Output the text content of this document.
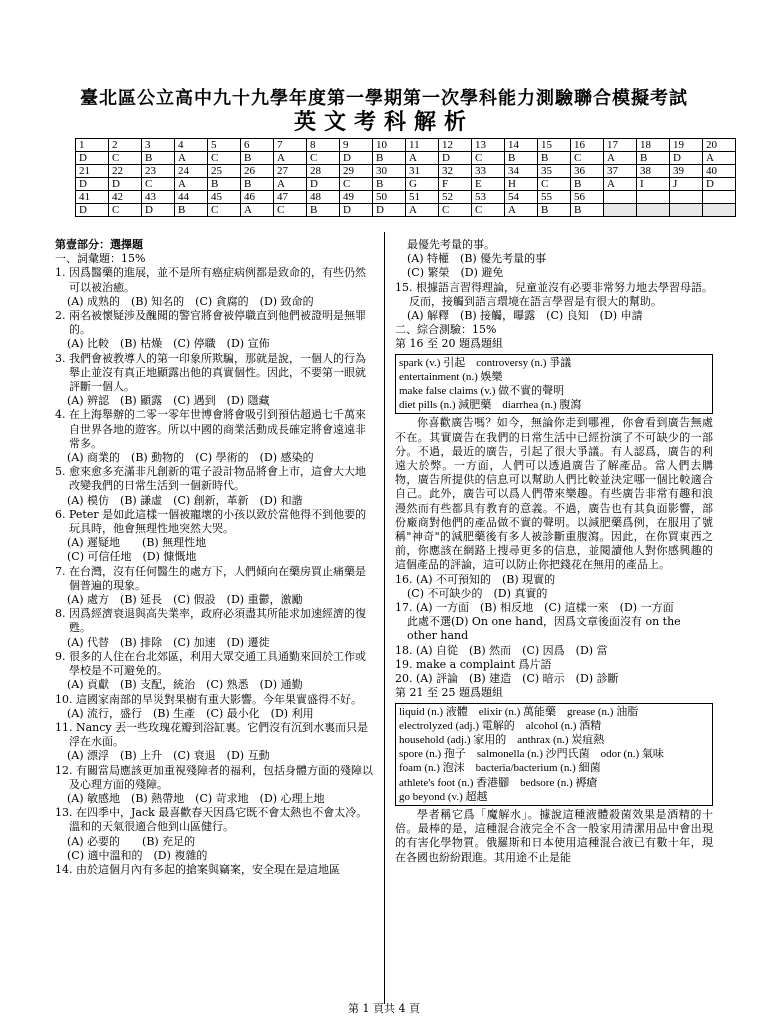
臺北區公立高中九十九學年度第一學期第一次學科能力測驗聯合模擬考試
英文考科解析
1	2	3	4	5	6	7	8	9	10	11	12	13	14	15	16	17	18	19	20
D	C	B	A	C	B	A	C	D	B	A	D	C	B	B	C	A	B	D	A
21	22	23	24	25	26	27	28	29	30	31	32	33	34	35	36	37	38	39	40
D	D	C	A	B	B	A	D	C	B	G	F	E	H	C	B	A	I	J	D
41	42	43	44	45	46	47	48	49	50	51	52	53	54	55	56				
D	C	D	B	C	A	C	B	D	D	A	C	C	A	B	B				
第壹部分：選擇題
一、詞彙題：15%
1. 因爲醫藥的進展，並不是所有癌症病例都是致命的，有些仍然可以被治癒。
(A) 成熟的　(B) 知名的　(C) 貪腐的　(D) 致命的
2. 兩名被懷疑涉及醜聞的警官將會被停職直到他們被證明是無罪的。
(A) 比較　(B) 枯燥　(C) 停職　(D) 宣佈
3. 我們會被教導人的第一印象所欺騙，那就是說，一個人的行為舉止並沒有真正地顯露出他的真實個性。因此，不要第一眼就評斷一個人。
(A) 辨認　(B) 顯露　(C) 遇到　(D) 隱藏
4. 在上海舉辦的二零一零年世博會將會吸引到預估超過七千萬來自世界各地的遊客。所以中國的商業活動成長確定將會遠遠非常多。
(A) 商業的　(B) 動物的　(C) 學術的　(D) 感染的
5. 愈來愈多充滿非凡創新的電子設計物品將會上市，這會大大地改變我們的日常生活到一個新時代。
(A) 模仿　(B) 謙虛　(C) 創新，革新　(D) 和諧
6. Peter 是如此這樣一個被寵壞的小孩以致於當他得不到他要的玩具時，他會無理性地突然大哭。
(A) 遲疑地　　(B) 無理性地
(C) 可信任地　(D) 慷慨地
7. 在台灣，沒有任何醫生的處方下，人們傾向在藥房買止痛藥是個普遍的現象。
(A) 處方　(B) 延長　(C) 假設　(D) 重鬱，激勵
8. 因爲經濟衰退與高失業率，政府必須盡其所能求加速經濟的復甦。
(A) 代替　(B) 排除　(C) 加速　(D) 遷徙
9. 很多的人住在台北郊區，利用大眾交通工具通勤來回於工作或學校是不可避免的。
(A) 貢獻　(B) 支配，統治　(C) 熟悉　(D) 通勤
10. 這國家南部的旱災對果樹有重大影響。今年果實盛得不好。
(A) 流行，盛行　(B) 生產　(C) 最小化　(D) 利用
11. Nancy 丟一些玫瑰花瓣到浴缸裏。它們沒有沉到水裏而只是浮在水面。
(A) 漂浮　(B) 上升　(C) 衰退　(D) 互動
12. 有關當局應該更加重視殘障者的福利，包括身體方面的殘障以及心理方面的殘障。
(A) 敏感地　(B) 熱帶地　(C) 苛求地　(D) 心理上地
13. 在四季中，Jack 最喜歡春天因爲它既不會太熱也不會太冷。溫和的天氣很適合他到山區健行。
(A) 必要的　　(B) 充足的
(C) 適中溫和的　(D) 複雜的
14. 由於這個月內有多起的搶案與竊案，安全現在是這地區
最優先考量的事。
(A) 特權　(B) 優先考量的事
(C) 繁榮　(D) 避免
15. 根據語言習得理論，兒童並沒有必要非常努力地去學習母語。反而，接觸到語言環境在語言學習是有很大的幫助。
(A) 解釋　(B) 接觸，曝露　(C) 良知　(D) 申請
二、綜合測驗：15%
第 16 至 20 題爲題組
spark (v.) 引起　controversy (n.) 爭議
entertainment (n.) 娛樂
make false claims (v.) 做不實的聲明
diet pills (n.) 減肥藥　diarrhea (n.) 腹瀉
你喜歡廣告嗎？如今，無論你走到哪裡，你會看到廣告無處不在。其實廣告在我們的日常生活中已經扮演了不可缺少的一部分。不過，最近的廣告，引起了很大爭議。有人認爲，廣告的利遠大於弊。一方面，人們可以透過廣告了解產品。當人們去購物，廣告所提供的信息可以幫助人們比較並決定哪一個比較適合自己。此外，廣告可以爲人們帶來樂趣。有些廣告非常有趣和浪漫然而有些都具有教育的意義。不過，廣告也有其負面影響，部份廠商對他們的產品做不實的聲明。以減肥藥爲例，在服用了號稱"神奇"的減肥藥後有多人被診斷重腹瀉。因此，在你買東西之前，你應該在網路上搜尋更多的信息，並閱讀他人對你感興趣的這個產品的評論，這可以防止你把錢花在無用的產品上。
16. (A) 不可預知的　(B) 現實的
(C) 不可缺少的　(D) 真實的
17. (A) 一方面　(B) 相反地　(C) 這樣一來　(D) 一方面
此處不選(D) On one hand，因爲文章後面沒有 on the other hand
18. (A) 自從　(B) 然而　(C) 因爲　(D) 當
19. make a complaint 爲片語
20. (A) 評論　(B) 建造　(C) 暗示　(D) 診斷
第 21 至 25 題爲題組
liquid (n.) 液體　elixir (n.) 萬能藥　grease (n.) 油脂
electrolyzed (adj.) 電解的　alcohol (n.) 酒精
household (adj.) 家用的　anthrax (n.) 炭疽熱
spore (n.) 孢子　salmonella (n.) 沙門氏菌　odor (n.) 氣味
foam (n.) 泡沫　bacteria/bacterium (n.) 細菌
athlete's foot (n.) 香港腳　bedsore (n.) 褥瘡
go beyond (v.) 超越
學者稱它爲「魔解水」。據說這種液體殺菌效果是酒精的十倍。最棒的是，這種混合液完全不含一般家用清潔用品中會出現的有害化學物質。俄羅斯和日本使用這種混合液已有數十年，現在各國也紛紛跟進。其用途不止是能
第 1 頁共 4 頁
